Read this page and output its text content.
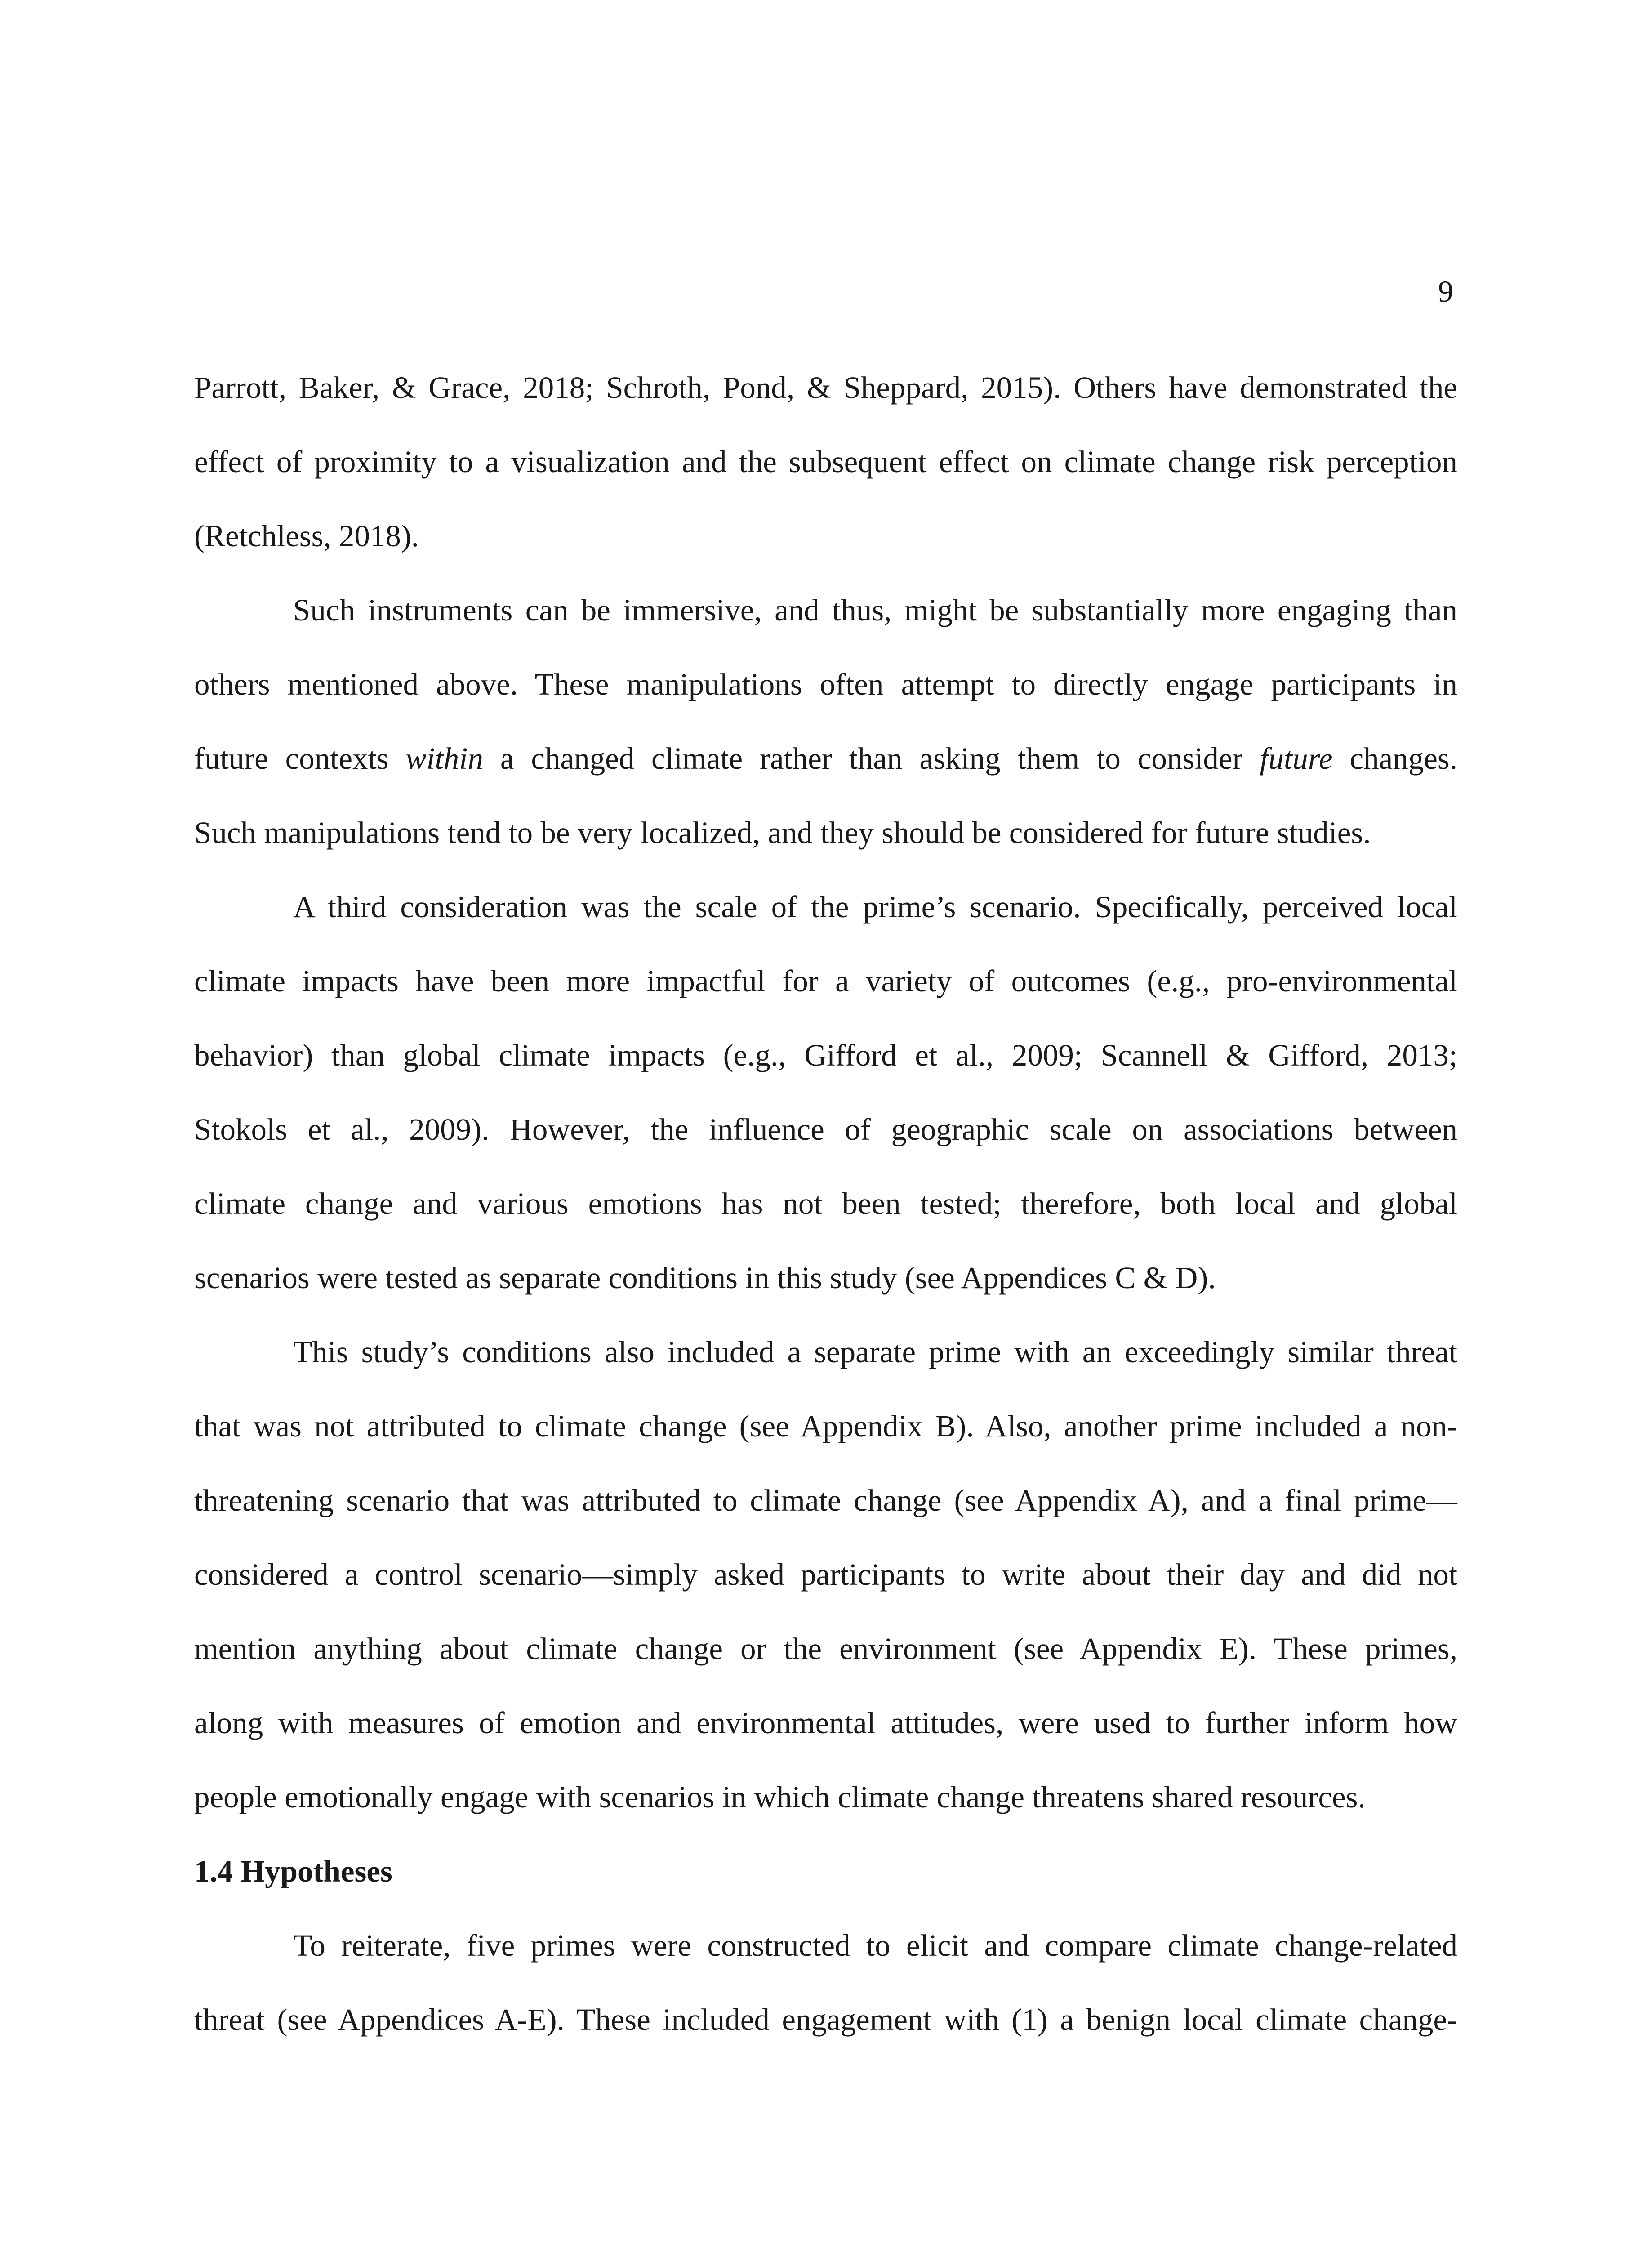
9
Parrott, Baker, & Grace, 2018; Schroth, Pond, & Sheppard, 2015). Others have demonstrated the
effect of proximity to a visualization and the subsequent effect on climate change risk perception
(Retchless, 2018).
Such instruments can be immersive, and thus, might be substantially more engaging than
others mentioned above. These manipulations often attempt to directly engage participants in
future contexts within a changed climate rather than asking them to consider future changes.
Such manipulations tend to be very localized, and they should be considered for future studies.
A third consideration was the scale of the prime’s scenario. Specifically, perceived local
climate impacts have been more impactful for a variety of outcomes (e.g., pro-environmental
behavior) than global climate impacts (e.g., Gifford et al., 2009; Scannell & Gifford, 2013;
Stokols et al., 2009). However, the influence of geographic scale on associations between
climate change and various emotions has not been tested; therefore, both local and global
scenarios were tested as separate conditions in this study (see Appendices C & D).
This study’s conditions also included a separate prime with an exceedingly similar threat
that was not attributed to climate change (see Appendix B). Also, another prime included a non-
threatening scenario that was attributed to climate change (see Appendix A), and a final prime—
considered a control scenario—simply asked participants to write about their day and did not
mention anything about climate change or the environment (see Appendix E). These primes,
along with measures of emotion and environmental attitudes, were used to further inform how
people emotionally engage with scenarios in which climate change threatens shared resources.
1.4 Hypotheses
To reiterate, five primes were constructed to elicit and compare climate change-related
threat (see Appendices A-E). These included engagement with (1) a benign local climate change-
